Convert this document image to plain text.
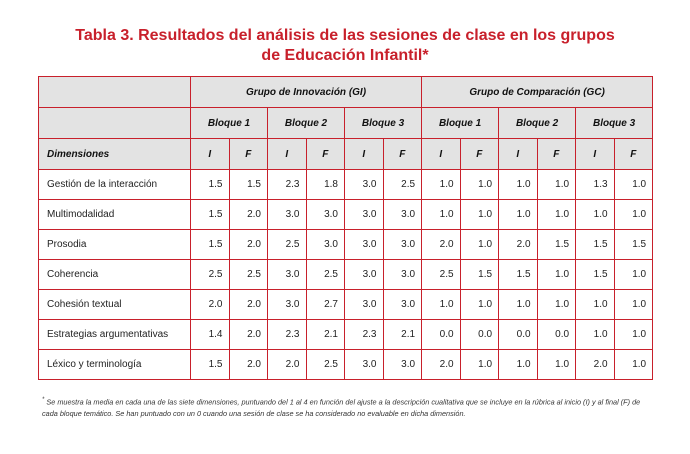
Tabla 3. Resultados del análisis de las sesiones de clase en los grupos
de Educación Infantil*
	Grupo de Innovación (GI)						Grupo de Comparación (GC)					
	Bloque 1		Bloque 2		Bloque 3		Bloque 1		Bloque 2		Bloque 3	
Dimensiones	I	F	I	F	I	F	I	F	I	F	I	F
Gestión de la interacción	1.5	1.5	2.3	1.8	3.0	2.5	1.0	1.0	1.0	1.0	1.3	1.0
Multimodalidad	1.5	2.0	3.0	3.0	3.0	3.0	1.0	1.0	1.0	1.0	1.0	1.0
Prosodia	1.5	2.0	2.5	3.0	3.0	3.0	2.0	1.0	2.0	1.5	1.5	1.5
Coherencia	2.5	2.5	3.0	2.5	3.0	3.0	2.5	1.5	1.5	1.0	1.5	1.0
Cohesión textual	2.0	2.0	3.0	2.7	3.0	3.0	1.0	1.0	1.0	1.0	1.0	1.0
Estrategias argumentativas	1.4	2.0	2.3	2.1	2.3	2.1	0.0	0.0	0.0	0.0	1.0	1.0
Léxico y terminología	1.5	2.0	2.0	2.5	3.0	3.0	2.0	1.0	1.0	1.0	2.0	1.0
* Se muestra la media en cada una de las siete dimensiones, puntuando del 1 al 4 en función del ajuste a la descripción cualitativa que se incluye en la rúbrica al inicio (I) y al final (F) de cada bloque temático. Se han puntuado con un 0 cuando una sesión de clase se ha considerado no evaluable en dicha dimensión.
